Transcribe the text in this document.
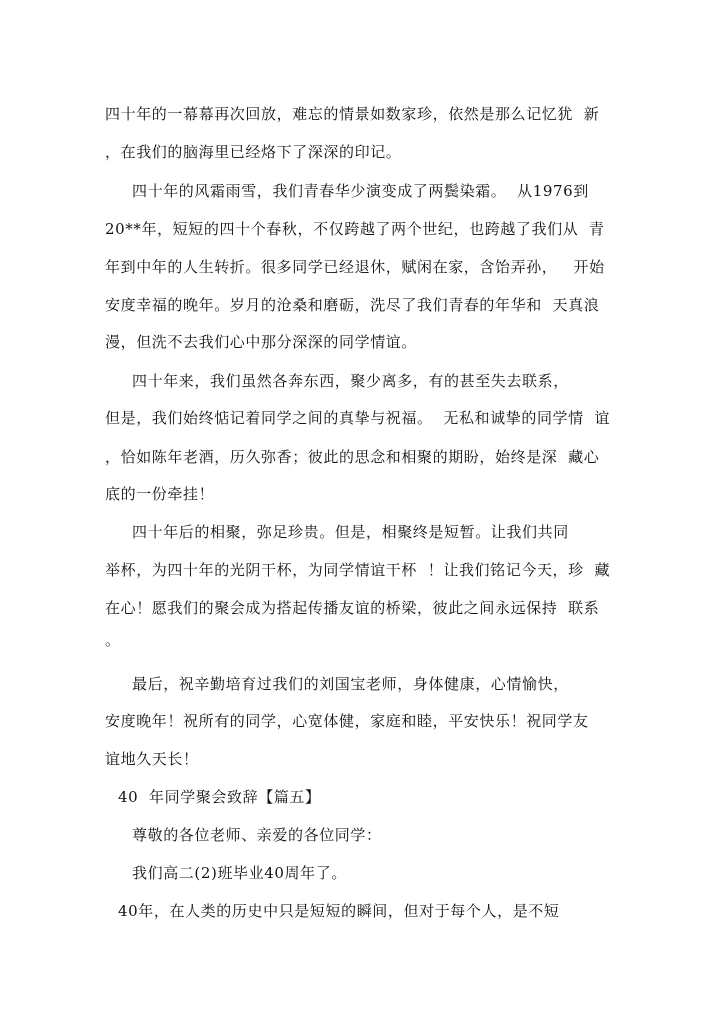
四十年的一幕幕再次回放，难忘的情景如数家珍，依然是那么记忆犹  新
，在我们的脑海里已经烙下了深深的印记。
四十年的风霜雨雪，我们青春华少演变成了两鬓染霜。  从1976到
20**年，短短的四十个春秋，不仅跨越了两个世纪，也跨越了我们从  青
年到中年的人生转折。很多同学已经退休，赋闲在家，含饴弄孙，   开始
安度幸福的晚年。岁月的沧桑和磨砺，洗尽了我们青春的年华和  天真浪
漫，但洗不去我们心中那分深深的同学情谊。
四十年来，我们虽然各奔东西，聚少离多，有的甚至失去联系，
但是，我们始终惦记着同学之间的真挚与祝福。  无私和诚挚的同学情  谊
，恰如陈年老酒，历久弥香；彼此的思念和相聚的期盼，始终是深  藏心
底的一份牵挂！
四十年后的相聚，弥足珍贵。但是，相聚终是短暂。让我们共同
举杯，为四十年的光阴干杯，为同学情谊干杯  ！让我们铭记今天，珍  藏
在心！愿我们的聚会成为搭起传播友谊的桥梁，彼此之间永远保持  联系
。
最后，祝辛勤培育过我们的刘国宝老师，身体健康，心情愉快，
安度晚年！祝所有的同学，心宽体健，家庭和睦，平安快乐！祝同学友
谊地久天长！
40  年同学聚会致辞【篇五】
尊敬的各位老师、亲爱的各位同学：
我们高二(2)班毕业40周年了。
40年，在人类的历史中只是短短的瞬间，但对于每个人，是不短
